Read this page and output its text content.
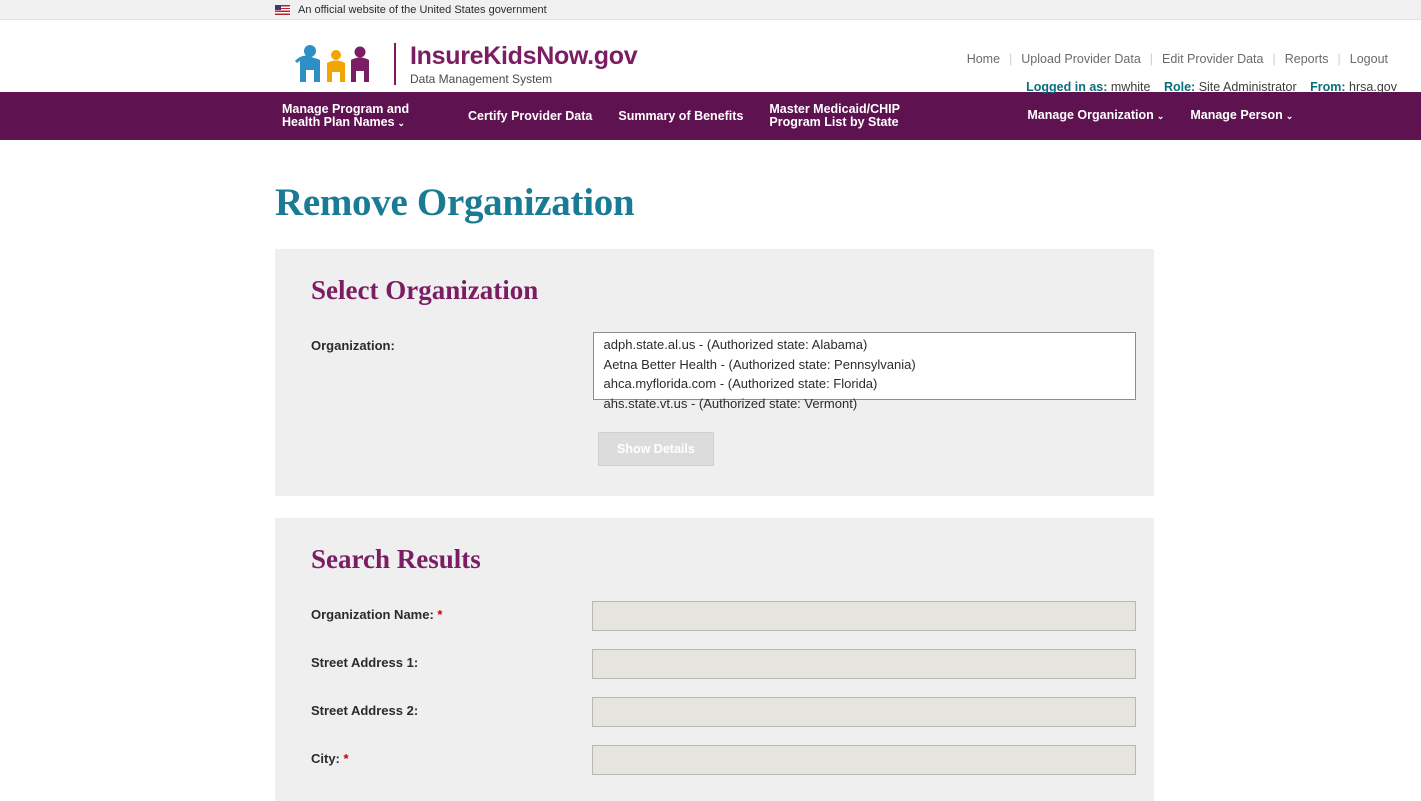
An official website of the United States government
InsureKidsNow.gov
Data Management System
Home | Upload Provider Data | Edit Provider Data | Reports | Logout
Logged in as: mwhite Role: Site Administrator From: hrsa.gov
Manage Program and Health Plan Names ⌄	Certify Provider Data Summary of Benefits Master Medicaid/CHIP Program List by State	Manage Organization ⌄ Manage Person ⌄
Remove Organization
Select Organization
Organization:	adph.state.al.us - (Authorized state: Alabama)
Aetna Better Health - (Authorized state: Pennsylvania)
ahca.myflorida.com - (Authorized state: Florida)
ahs.state.vt.us - (Authorized state: Vermont)
Show Details
Search Results
Organization Name: *
Street Address 1:
Street Address 2:
City: *
